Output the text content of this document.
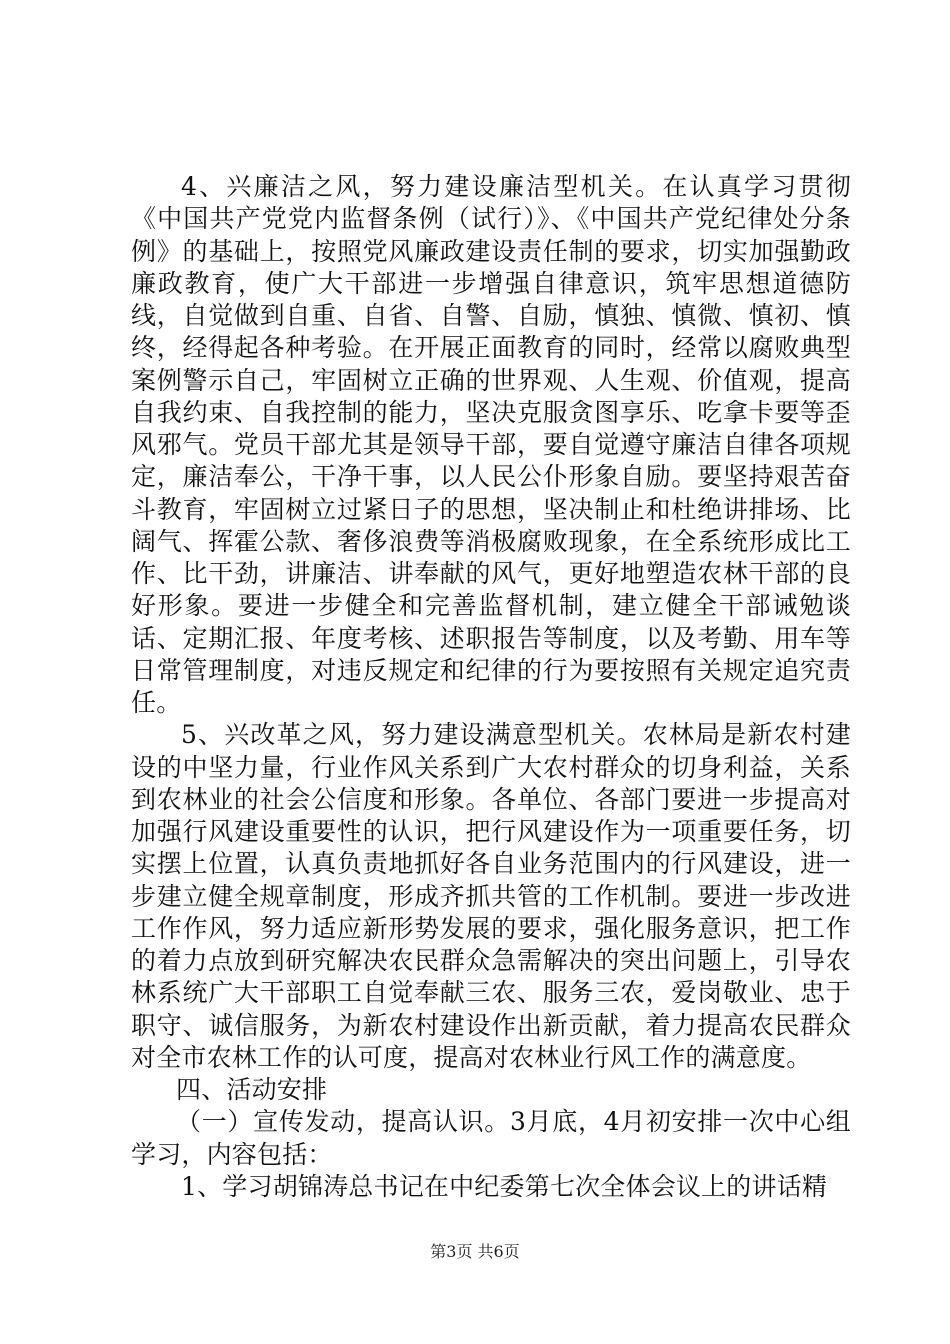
4、兴廉洁之风，努力建设廉洁型机关。在认真学习贯彻《中国共产党党内监督条例（试行）》、《中国共产党纪律处分条例》的基础上，按照党风廉政建设责任制的要求，切实加强勤政廉政教育，使广大干部进一步增强自律意识，筑牢思想道德防线，自觉做到自重、自省、自警、自励，慎独、慎微、慎初、慎终，经得起各种考验。在开展正面教育的同时，经常以腐败典型案例警示自己，牢固树立正确的世界观、人生观、价值观，提高自我约束、自我控制的能力，坚决克服贪图享乐、吃拿卡要等歪风邪气。党员干部尤其是领导干部，要自觉遵守廉洁自律各项规定，廉洁奉公，干净干事，以人民公仆形象自励。要坚持艰苦奋斗教育，牢固树立过紧日子的思想，坚决制止和杜绝讲排场、比阔气、挥霍公款、奢侈浪费等消极腐败现象，在全系统形成比工作、比干劲，讲廉洁、讲奉献的风气，更好地塑造农林干部的良好形象。要进一步健全和完善监督机制，建立健全干部诫勉谈话、定期汇报、年度考核、述职报告等制度，以及考勤、用车等日常管理制度，对违反规定和纪律的行为要按照有关规定追究责任。

5、兴改革之风，努力建设满意型机关。农林局是新农村建设的中坚力量，行业作风关系到广大农村群众的切身利益，关系到农林业的社会公信度和形象。各单位、各部门要进一步提高对加强行风建设重要性的认识，把行风建设作为一项重要任务，切实摆上位置，认真负责地抓好各自业务范围内的行风建设，进一步建立健全规章制度，形成齐抓共管的工作机制。要进一步改进工作作风，努力适应新形势发展的要求，强化服务意识，把工作的着力点放到研究解决农民群众急需解决的突出问题上，引导农林系统广大干部职工自觉奉献三农、服务三农，爱岗敬业、忠于职守、诚信服务，为新农村建设作出新贡献，着力提高农民群众对全市农林工作的认可度，提高对农林业行风工作的满意度。

四、活动安排

（一）宣传发动，提高认识。3月底，4月初安排一次中心组学习，内容包括：

1、学习胡锦涛总书记在中纪委第七次全体会议上的讲话精

第3页 共6页
